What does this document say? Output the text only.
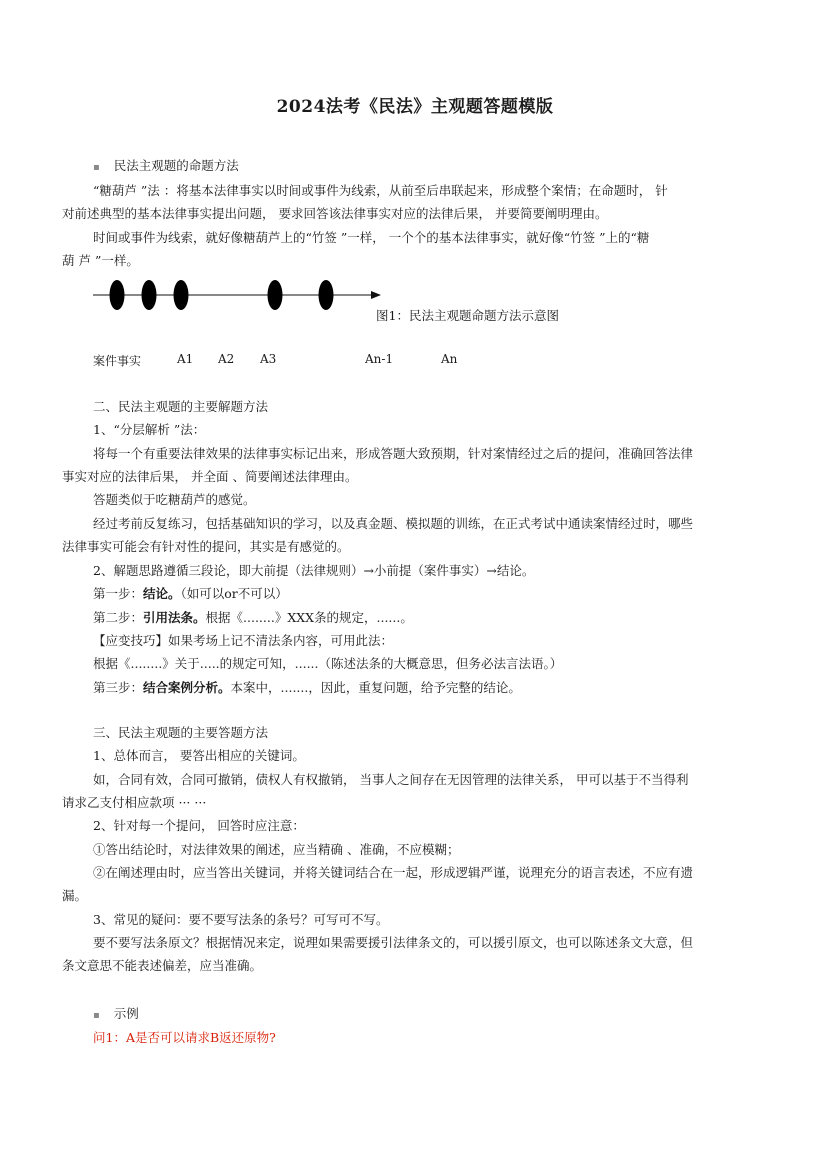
2024法考《民法》主观题答题模版
▪ 民法主观题的命题方法
“糖葫芦 ”法 ：将基本法律事实以时间或事件为线索，从前至后串联起来，形成整个案情；在命题时， 针
对前述典型的基本法律事实提出问题， 要求回答该法律事实对应的法律后果， 并要简要阐明理由。
时间或事件为线索，就好像糖葫芦上的“竹签 ”一样， 一个个的基本法律事实，就好像“竹签 ”上的“糖
葫 芦 ”一样。
图1：民法主观题命题方法示意图
案件事实	A1 A2 A3	An-1	An
二、民法主观题的主要解题方法
1、“分层解析 ”法：
将每一个有重要法律效果的法律事实标记出来，形成答题大致预期，针对案情经过之后的提问，准确回答法律
事实对应的法律后果， 并全面 、简要阐述法律理由。
答题类似于吃糖葫芦的感觉。
经过考前反复练习，包括基础知识的学习，以及真金题、模拟题的训练，在正式考试中通读案情经过时，哪些
法律事实可能会有针对性的提问，其实是有感觉的。
2、解题思路遵循三段论，即大前提（法律规则）→小前提（案件事实）→结论。
第一步：结论。（如可以or不可以）
第二步：引用法条。根据《........》XXX条的规定，......。
【应变技巧】如果考场上记不清法条内容，可用此法：
根据《........》关于.....的规定可知，......（陈述法条的大概意思，但务必法言法语。）
第三步：结合案例分析。本案中，.......，因此，重复问题，给予完整的结论。
三、民法主观题的主要答题方法
1、总体而言， 要答出相应的关键词。
如，合同有效，合同可撤销，债权人有权撤销， 当事人之间存在无因管理的法律关系， 甲可以基于不当得利
请求乙支付相应款项 ··· ···
2、针对每一个提问， 回答时应注意：
①答出结论时，对法律效果的阐述，应当精确 、准确，不应模糊；
②在阐述理由时，应当答出关键词，并将关键词结合在一起，形成逻辑严谨，说理充分的语言表述，不应有遗
漏。
3、常见的疑问：要不要写法条的条号？可写可不写。
要不要写法条原文？根据情况来定，说理如果需要援引法律条文的，可以援引原文，也可以陈述条文大意，但
条文意思不能表述偏差，应当准确。
▪ 示例
问1：A是否可以请求B返还原物?
